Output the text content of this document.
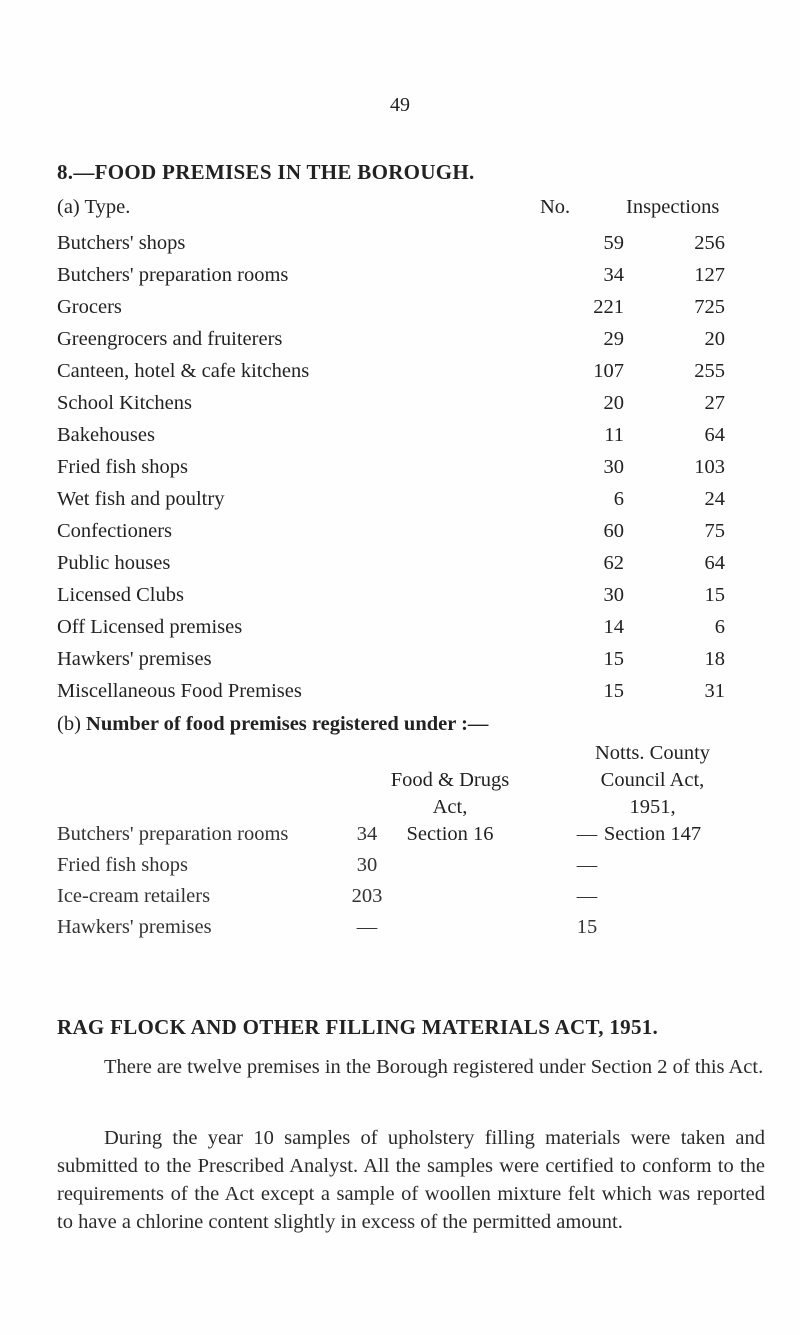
49
8.—FOOD PREMISES IN THE BOROUGH.
(a) Type.	No.	Inspections
Butchers' shops	59	256
Butchers' preparation rooms	34	127
Grocers	221	725
Greengrocers and fruiterers	29	20
Canteen, hotel & cafe kitchens	107	255
School Kitchens	20	27
Bakehouses	11	64
Fried fish shops	30	103
Wet fish and poultry	6	24
Confectioners	60	75
Public houses	62	64
Licensed Clubs	30	15
Off Licensed premises	14	6
Hawkers' premises	15	18
Miscellaneous Food Premises	15	31
(b) Number of food premises registered under :—
Food & Drugs
Act,
Section 16
Notts. County
Council Act,
1951,
Section 147
Butchers' preparation rooms	34	—
Fried fish shops	30	—
Ice-cream retailers	203	—
Hawkers' premises	—	15
RAG FLOCK AND OTHER FILLING MATERIALS ACT, 1951.

There are twelve premises in the Borough registered under Section 2 of this Act.

During the year 10 samples of upholstery filling materials were taken and submitted to the Prescribed Analyst. All the samples were certified to conform to the requirements of the Act except a sample of woollen mixture felt which was reported to have a chlorine content slightly in excess of the permitted amount.
